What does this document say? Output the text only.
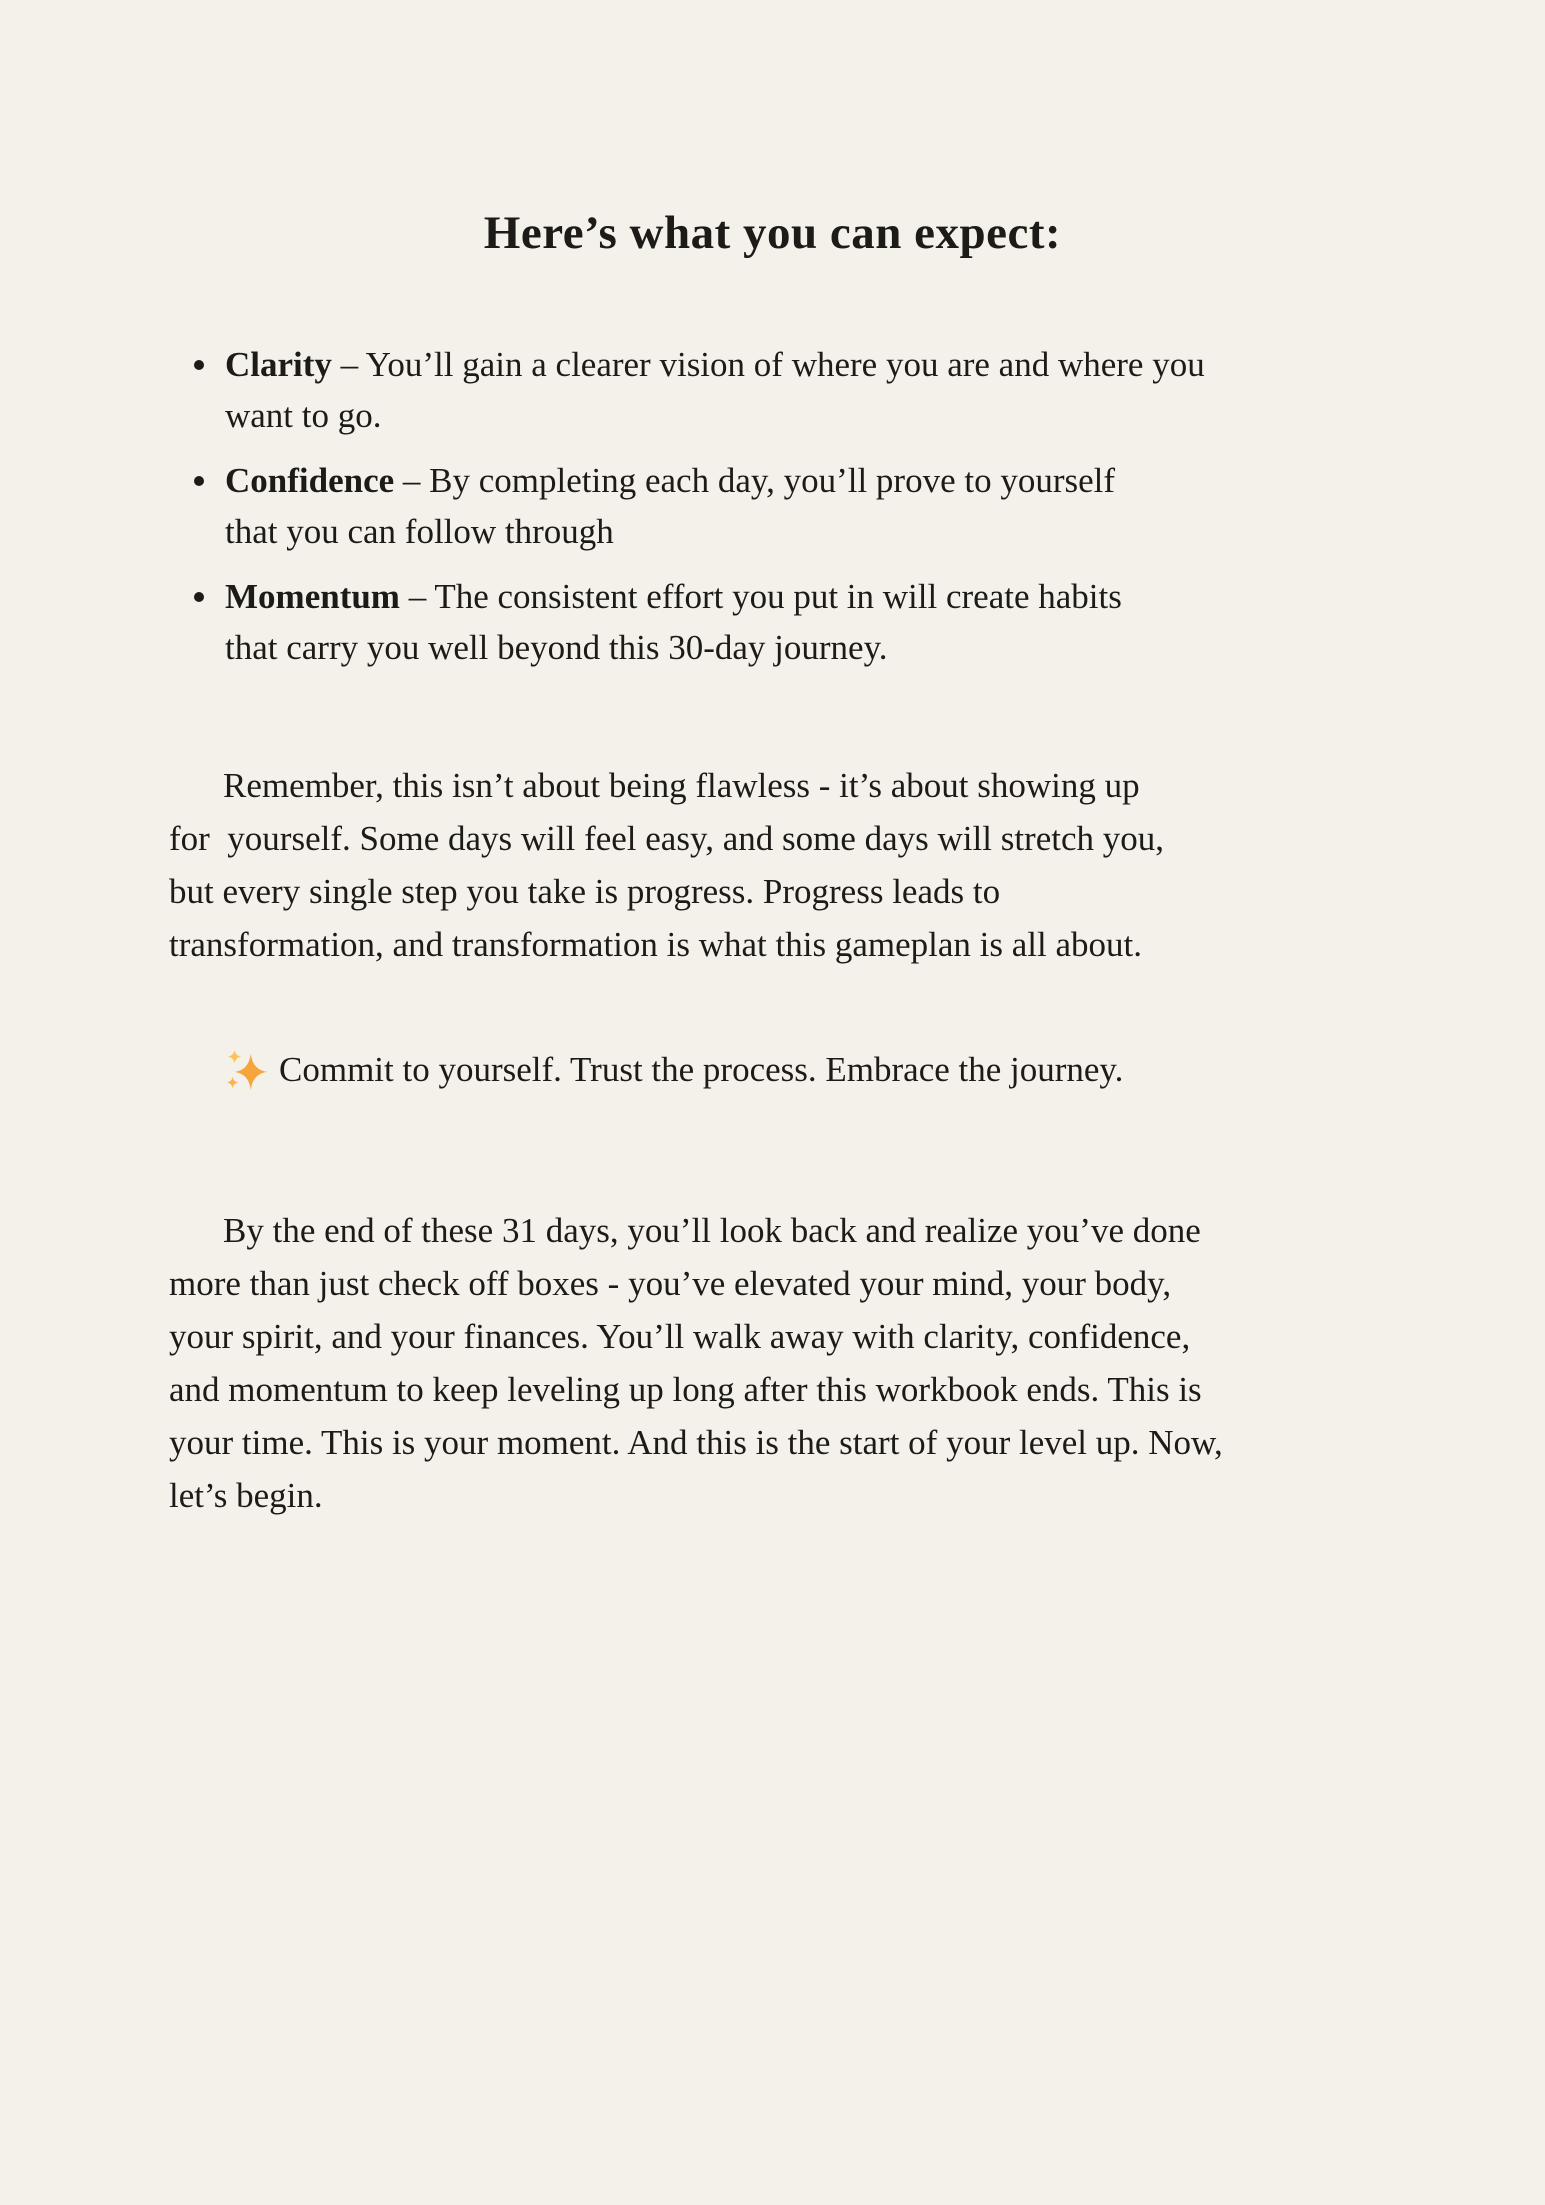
Here’s what you can expect:
Clarity – You’ll gain a clearer vision of where you are and where you
want to go.
Confidence – By completing each day, you’ll prove to yourself
that you can follow through
Momentum – The consistent effort you put in will create habits
that carry you well beyond this 30-day journey.

Remember, this isn’t about being flawless - it’s about showing up
for  yourself. Some days will feel easy, and some days will stretch you,
but every single step you take is progress. Progress leads to
transformation, and transformation is what this gameplan is all about.

Commit to yourself. Trust the process. Embrace the journey.

By the end of these 31 days, you’ll look back and realize you’ve done
more than just check off boxes - you’ve elevated your mind, your body,
your spirit, and your finances. You’ll walk away with clarity, confidence,
and momentum to keep leveling up long after this workbook ends. This is
your time. This is your moment. And this is the start of your level up. Now,
let’s begin.
